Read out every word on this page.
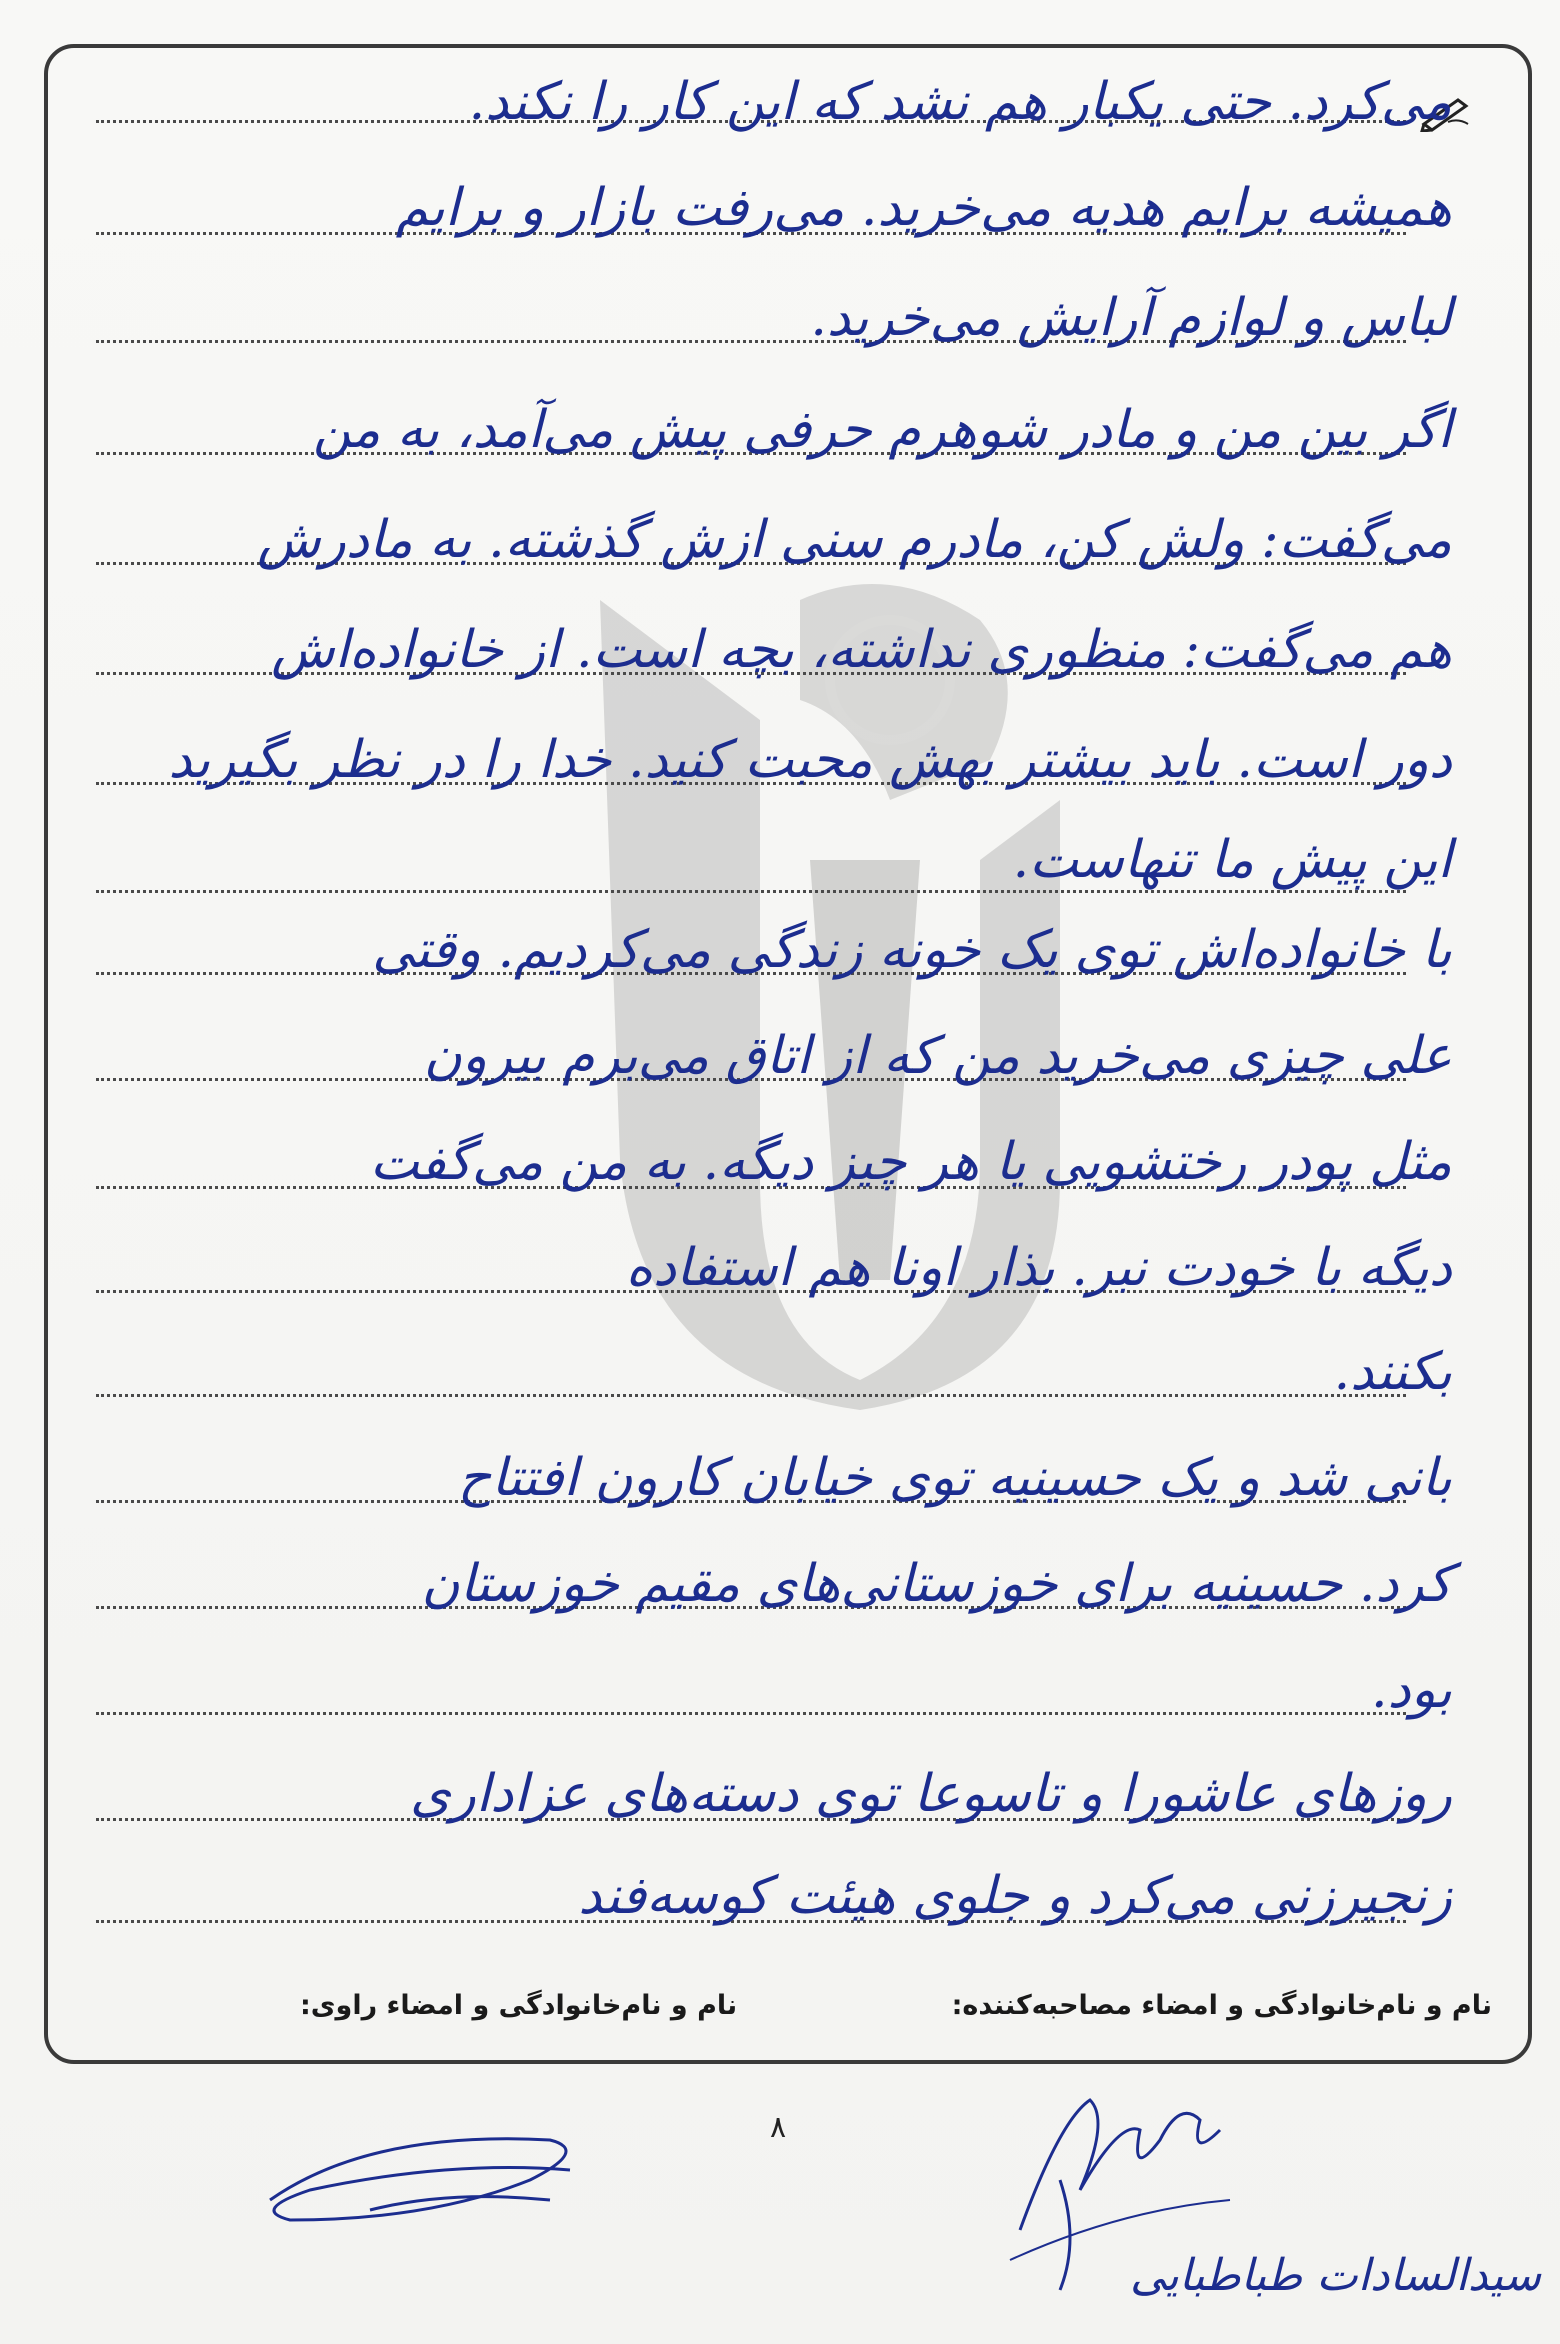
می‌کرد. حتی یکبار هم نشد که این کار را نکند.
همیشه برایم هدیه می‌خرید. می‌رفت بازار و برایم
لباس و لوازم آرایش می‌خرید.
اگر بین من و مادر شوهرم حرفی پیش می‌آمد، به من
می‌گفت: ولش کن، مادرم سنی ازش گذشته. به مادرش
هم می‌گفت: منظوری نداشته، بچه است. از خانواده‌اش
دور است. باید بیشتر بهش محبت کنید. خدا را در نظر بگیرید
این پیش ما تنهاست.
با خانواده‌اش توی یک خونه زندگی می‌کردیم. وقتی
علی چیزی می‌خرید من که از اتاق می‌برم بیرون
مثل پودر رختشویی یا هر چیز دیگه. به من می‌گفت
دیگه با خودت نبر. بذار اونا هم استفاده
بکنند.
بانی شد و یک حسینیه توی خیابان کارون افتتاح
کرد. حسینیه برای خوزستانی‌های مقیم خوزستان
بود.
روزهای عاشورا و تاسوعا توی دسته‌های عزاداری
زنجیرزنی می‌کرد و جلوی هیئت کوسه‌فند
نام و نام‌خانوادگی و امضاء مصاحبه‌کننده:
نام و نام‌خانوادگی و امضاء راوی:
۸
سیدالسادات طباطبایی
